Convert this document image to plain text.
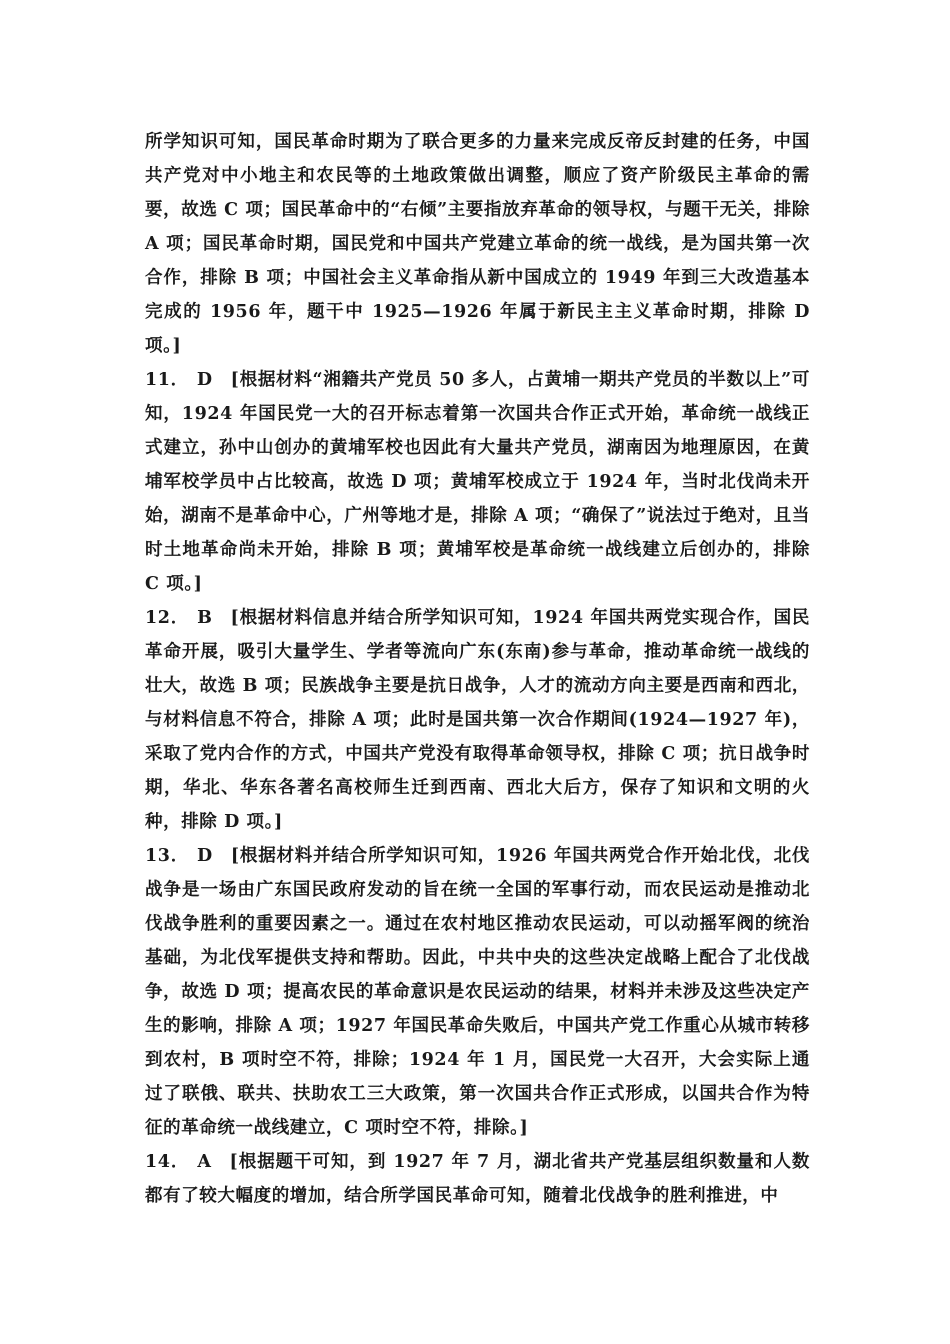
所学知识可知，国民革命时期为了联合更多的力量来完成反帝反封建的任务，中国共产党对中小地主和农民等的土地政策做出调整，顺应了资产阶级民主革命的需要，故选 C 项；国民革命中的“右倾”主要指放弃革命的领导权，与题干无关，排除 A 项；国民革命时期，国民党和中国共产党建立革命的统一战线，是为国共第一次合作，排除 B 项；中国社会主义革命指从新中国成立的 1949 年到三大改造基本完成的 1956 年，题干中 1925—1926 年属于新民主主义革命时期，排除 D 项。]

11． D [根据材料“湘籍共产党员 50 多人，占黄埔一期共产党员的半数以上”可知，1924 年国民党一大的召开标志着第一次国共合作正式开始，革命统一战线正式建立，孙中山创办的黄埔军校也因此有大量共产党员，湖南因为地理原因，在黄埔军校学员中占比较高，故选 D 项；黄埔军校成立于 1924 年，当时北伐尚未开始，湖南不是革命中心，广州等地才是，排除 A 项；“确保了”说法过于绝对，且当时土地革命尚未开始，排除 B 项；黄埔军校是革命统一战线建立后创办的，排除 C 项。]

12． B [根据材料信息并结合所学知识可知，1924 年国共两党实现合作，国民革命开展，吸引大量学生、学者等流向广东(东南)参与革命，推动革命统一战线的壮大，故选 B 项；民族战争主要是抗日战争，人才的流动方向主要是西南和西北，与材料信息不符合，排除 A 项；此时是国共第一次合作期间(1924—1927 年)，采取了党内合作的方式，中国共产党没有取得革命领导权，排除 C 项；抗日战争时期，华北、华东各著名高校师生迁到西南、西北大后方，保存了知识和文明的火种，排除 D 项。]

13． D [根据材料并结合所学知识可知，1926 年国共两党合作开始北伐，北伐战争是一场由广东国民政府发动的旨在统一全国的军事行动，而农民运动是推动北伐战争胜利的重要因素之一。通过在农村地区推动农民运动，可以动摇军阀的统治基础，为北伐军提供支持和帮助。因此，中共中央的这些决定战略上配合了北伐战争，故选 D 项；提高农民的革命意识是农民运动的结果，材料并未涉及这些决定产生的影响，排除 A 项；1927 年国民革命失败后，中国共产党工作重心从城市转移到农村，B 项时空不符，排除；1924 年 1 月，国民党一大召开，大会实际上通过了联俄、联共、扶助农工三大政策，第一次国共合作正式形成，以国共合作为特征的革命统一战线建立，C 项时空不符，排除。]

14． A [根据题干可知，到 1927 年 7 月，湖北省共产党基层组织数量和人数都有了较大幅度的增加，结合所学国民革命可知，随着北伐战争的胜利推进，中
